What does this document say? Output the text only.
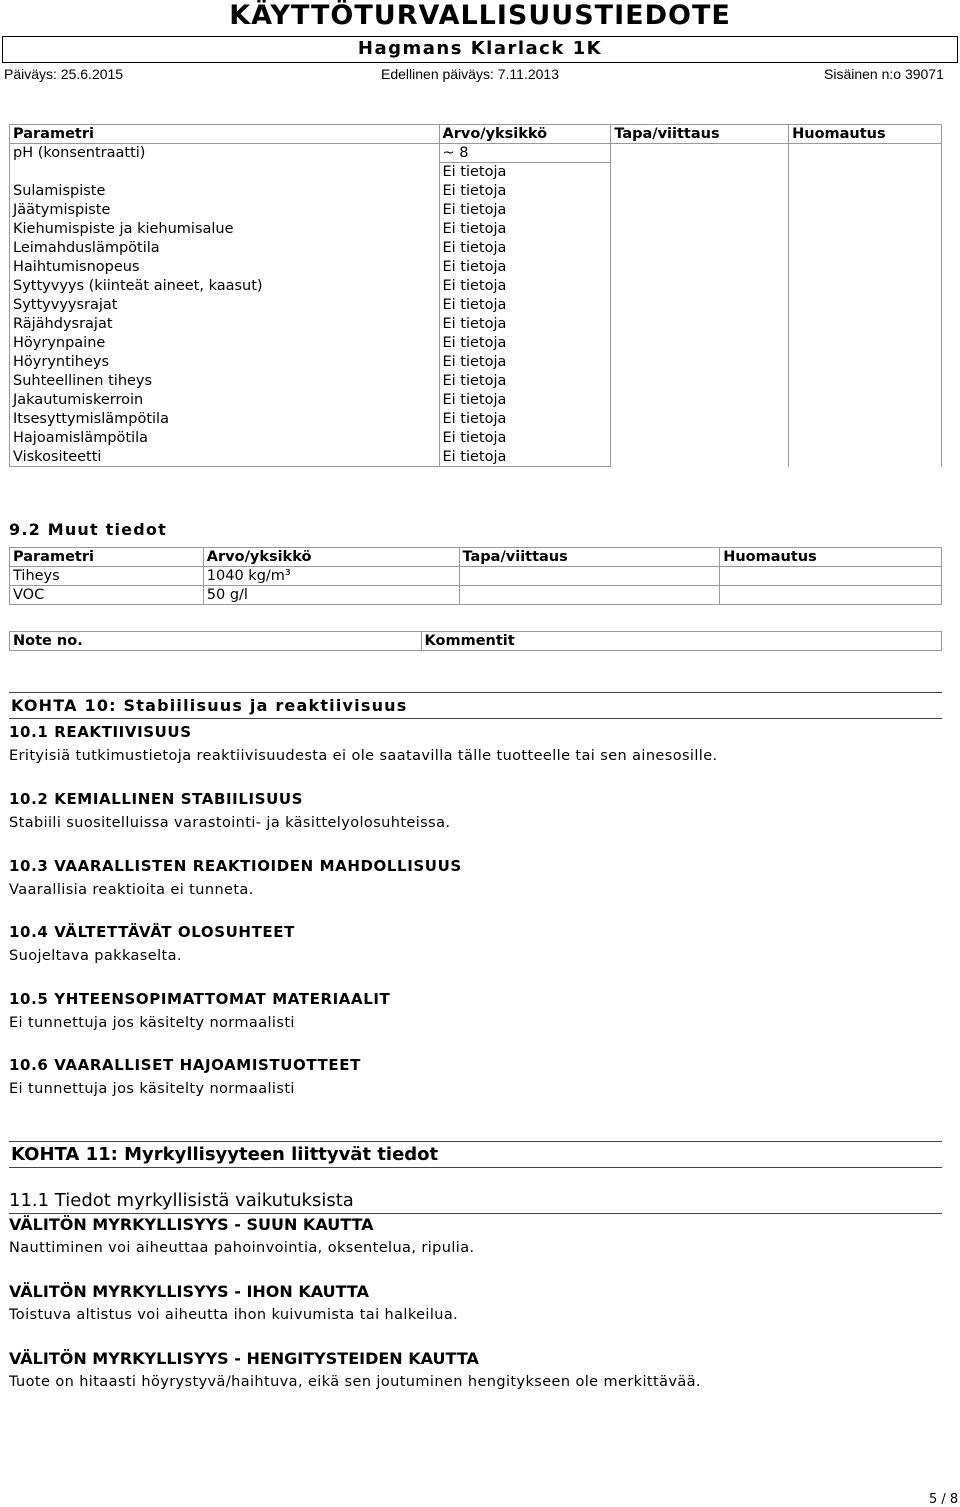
KÄYTTÖTURVALLISUUSTIEDOTE
Hagmans Klarlack 1K
Päiväys: 25.6.2015	Edellinen päiväys: 7.11.2013	Sisäinen n:o 39071
Parametri	Arvo/yksikkö	Tapa/viittaus	Huomautus
pH (konsentraatti)	~ 8		
	Ei tietoja		
Sulamispiste	Ei tietoja		
Jäätymispiste	Ei tietoja		
Kiehumispiste ja kiehumisalue	Ei tietoja		
Leimahduslämpötila	Ei tietoja		
Haihtumisnopeus	Ei tietoja		
Syttyvyys (kiinteät aineet, kaasut)	Ei tietoja		
Syttyvyysrajat	Ei tietoja		
Räjähdysrajat	Ei tietoja		
Höyrynpaine	Ei tietoja		
Höyryntiheys	Ei tietoja		
Suhteellinen tiheys	Ei tietoja		
Jakautumiskerroin	Ei tietoja		
Itsesyttymislämpötila	Ei tietoja		
Hajoamislämpötila	Ei tietoja		
Viskositeetti	Ei tietoja		
9.2 Muut tiedot
Parametri	Arvo/yksikkö	Tapa/viittaus	Huomautus
Tiheys	1040 kg/m³		
VOC	50 g/l		
Note no.	Kommentit
KOHTA 10: Stabiilisuus ja reaktiivisuus
10.1 REAKTIIVISUUS
Erityisiä tutkimustietoja reaktiivisuudesta ei ole saatavilla tälle tuotteelle tai sen ainesosille.
10.2 KEMIALLINEN STABIILISUUS
Stabiili suositelluissa varastointi- ja käsittelyolosuhteissa.
10.3 VAARALLISTEN REAKTIOIDEN MAHDOLLISUUS
Vaarallisia reaktioita ei tunneta.
10.4 VÄLTETTÄVÄT OLOSUHTEET
Suojeltava pakkaselta.
10.5 YHTEENSOPIMATTOMAT MATERIAALIT
Ei tunnettuja jos käsitelty normaalisti
10.6 VAARALLISET HAJOAMISTUOTTEET
Ei tunnettuja jos käsitelty normaalisti
KOHTA 11: Myrkyllisyyteen liittyvät tiedot
11.1 Tiedot myrkyllisistä vaikutuksista
VÄLITÖN MYRKYLLISYYS - SUUN KAUTTA
Nauttiminen voi aiheuttaa pahoinvointia, oksentelua, ripulia.
VÄLITÖN MYRKYLLISYYS - IHON KAUTTA
Toistuva altistus voi aiheutta ihon kuivumista tai halkeilua.
VÄLITÖN MYRKYLLISYYS - HENGITYSTEIDEN KAUTTA
Tuote on hitaasti höyrystyvä/haihtuva, eikä sen joutuminen hengitykseen ole merkittävää.
5 / 8
